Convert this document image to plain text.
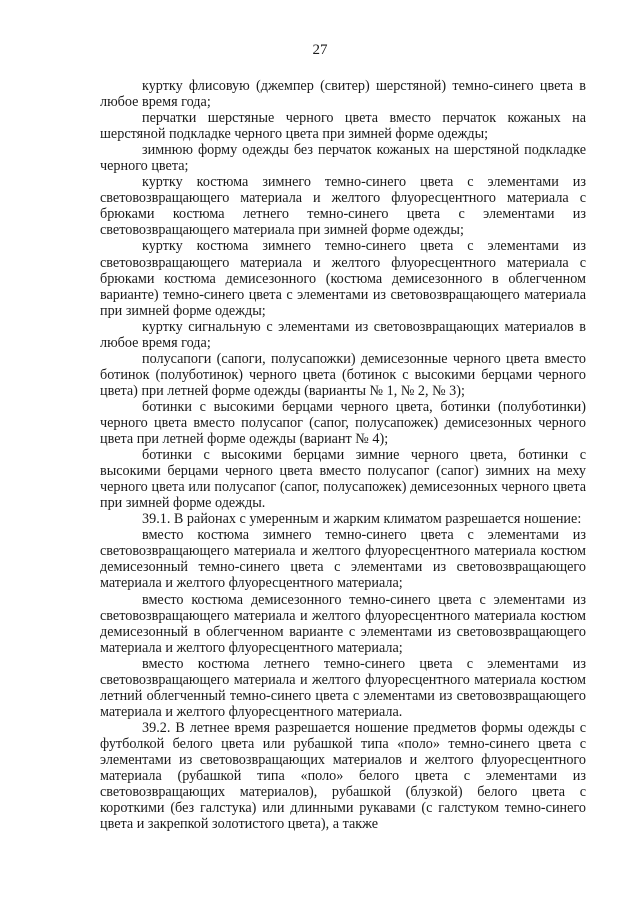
27

куртку флисовую (джемпер (свитер) шерстяной) темно-синего цвета в любое время года;

перчатки шерстяные черного цвета вместо перчаток кожаных на шерстяной подкладке черного цвета при зимней форме одежды;

зимнюю форму одежды без перчаток кожаных на шерстяной подкладке черного цвета;

куртку костюма зимнего темно-синего цвета с элементами из световозвращающего материала и желтого флуоресцентного материала с брюками костюма летнего темно-синего цвета с элементами из световозвращающего материала при зимней форме одежды;

куртку костюма зимнего темно-синего цвета с элементами из световозвращающего материала и желтого флуоресцентного материала с брюками костюма демисезонного (костюма демисезонного в облегченном варианте) темно-синего цвета с элементами из световозвращающего материала при зимней форме одежды;

куртку сигнальную с элементами из световозвращающих материалов в любое время года;

полусапоги (сапоги, полусапожки) демисезонные черного цвета вместо ботинок (полуботинок) черного цвета (ботинок с высокими берцами черного цвета) при летней форме одежды (варианты № 1, № 2, № 3);

ботинки с высокими берцами черного цвета, ботинки (полуботинки) черного цвета вместо полусапог (сапог, полусапожек) демисезонных черного цвета при летней форме одежды (вариант № 4);

ботинки с высокими берцами зимние черного цвета, ботинки с высокими берцами черного цвета вместо полусапог (сапог) зимних на меху черного цвета или полусапог (сапог, полусапожек) демисезонных черного цвета при зимней форме одежды.

39.1. В районах с умеренным и жарким климатом разрешается ношение:

вместо костюма зимнего темно-синего цвета с элементами из световозвращающего материала и желтого флуоресцентного материала костюм демисезонный темно-синего цвета с элементами из световозвращающего материала и желтого флуоресцентного материала;

вместо костюма демисезонного темно-синего цвета с элементами из световозвращающего материала и желтого флуоресцентного материала костюм демисезонный в облегченном варианте с элементами из световозвращающего материала и желтого флуоресцентного материала;

вместо костюма летнего темно-синего цвета с элементами из световозвращающего материала и желтого флуоресцентного материала костюм летний облегченный темно-синего цвета с элементами из световозвращающего материала и желтого флуоресцентного материала.

39.2. В летнее время разрешается ношение предметов формы одежды с футболкой белого цвета или рубашкой типа «поло» темно-синего цвета с элементами из световозвращающих материалов и желтого флуоресцентного материала (рубашкой типа «поло» белого цвета с элементами из световозвращающих материалов), рубашкой (блузкой) белого цвета с короткими (без галстука) или длинными рукавами (с галстуком темно-синего цвета и закрепкой золотистого цвета), а также
